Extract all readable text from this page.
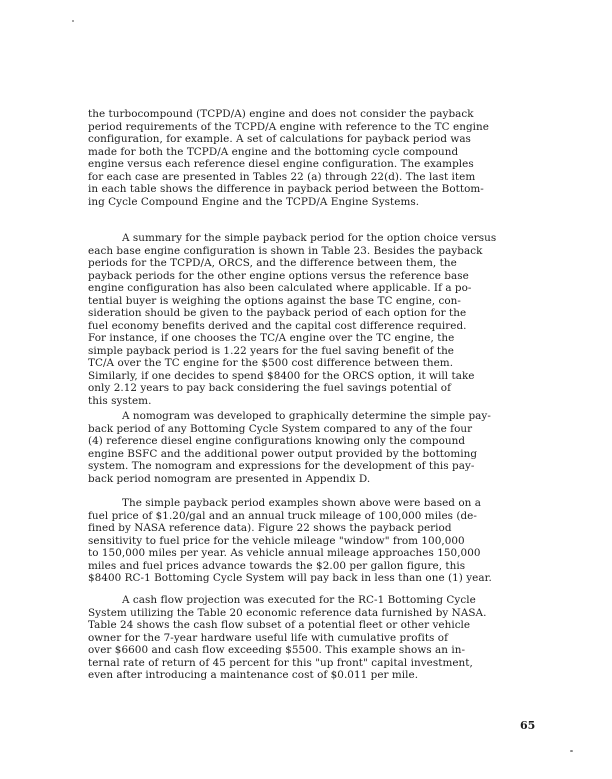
the turbocompound (TCPD/A) engine and does not consider the payback
period requirements of the TCPD/A engine with reference to the TC engine
configuration, for example. A set of calculations for payback period was
made for both the TCPD/A engine and the bottoming cycle compound
engine versus each reference diesel engine configuration. The examples
for each case are presented in Tables 22 (a) through 22(d). The last item
in each table shows the difference in payback period between the Bottom-
ing Cycle Compound Engine and the TCPD/A Engine Systems.

A summary for the simple payback period for the option choice versus
each base engine configuration is shown in Table 23. Besides the payback
periods for the TCPD/A, ORCS, and the difference between them, the
payback periods for the other engine options versus the reference base
engine configuration has also been calculated where applicable. If a po-
tential buyer is weighing the options against the base TC engine, con-
sideration should be given to the payback period of each option for the
fuel economy benefits derived and the capital cost difference required.
For instance, if one chooses the TC/A engine over the TC engine, the
simple payback period is 1.22 years for the fuel saving benefit of the
TC/A over the TC engine for the $500 cost difference between them.
Similarly, if one decides to spend $8400 for the ORCS option, it will take
only 2.12 years to pay back considering the fuel savings potential of
this system.

A nomogram was developed to graphically determine the simple pay-
back period of any Bottoming Cycle System compared to any of the four
(4) reference diesel engine configurations knowing only the compound
engine BSFC and the additional power output provided by the bottoming
system. The nomogram and expressions for the development of this pay-
back period nomogram are presented in Appendix D.

The simple payback period examples shown above were based on a
fuel price of $1.20/gal and an annual truck mileage of 100,000 miles (de-
fined by NASA reference data). Figure 22 shows the payback period
sensitivity to fuel price for the vehicle mileage "window" from 100,000
to 150,000 miles per year. As vehicle annual mileage approaches 150,000
miles and fuel prices advance towards the $2.00 per gallon figure, this
$8400 RC-1 Bottoming Cycle System will pay back in less than one (1) year.

A cash flow projection was executed for the RC-1 Bottoming Cycle
System utilizing the Table 20 economic reference data furnished by NASA.
Table 24 shows the cash flow subset of a potential fleet or other vehicle
owner for the 7-year hardware useful life with cumulative profits of
over $6600 and cash flow exceeding $5500. This example shows an in-
ternal rate of return of 45 percent for this "up front" capital investment,
even after introducing a maintenance cost of $0.011 per mile.

65
